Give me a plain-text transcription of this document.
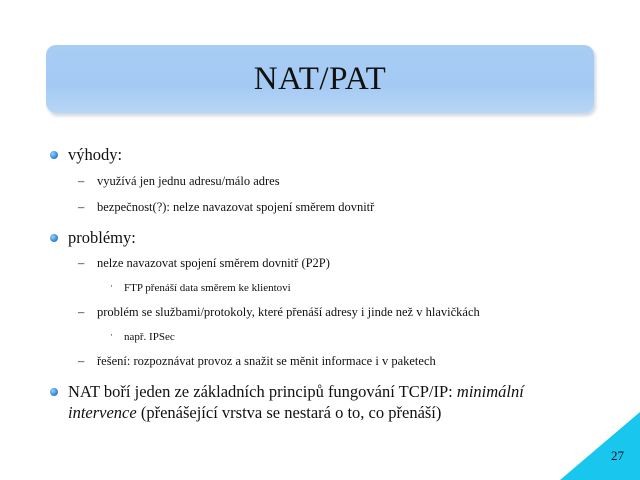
NAT/PAT
výhody:
– využívá jen jednu adresu/málo adres
– bezpečnost(?): nelze navazovat spojení směrem dovnitř
problémy:
– nelze navazovat spojení směrem dovnitř (P2P)
· FTP přenáší data směrem ke klientovi
– problém se službami/protokoly, které přenáší adresy i jinde než v hlavičkách
· např. IPSec
– řešení: rozpoznávat provoz a snažit se měnit informace i v paketech
NAT boří jeden ze základních principů fungování TCP/IP: minimální
intervence (přenášející vrstva se nestará o to, co přenáší)
27
